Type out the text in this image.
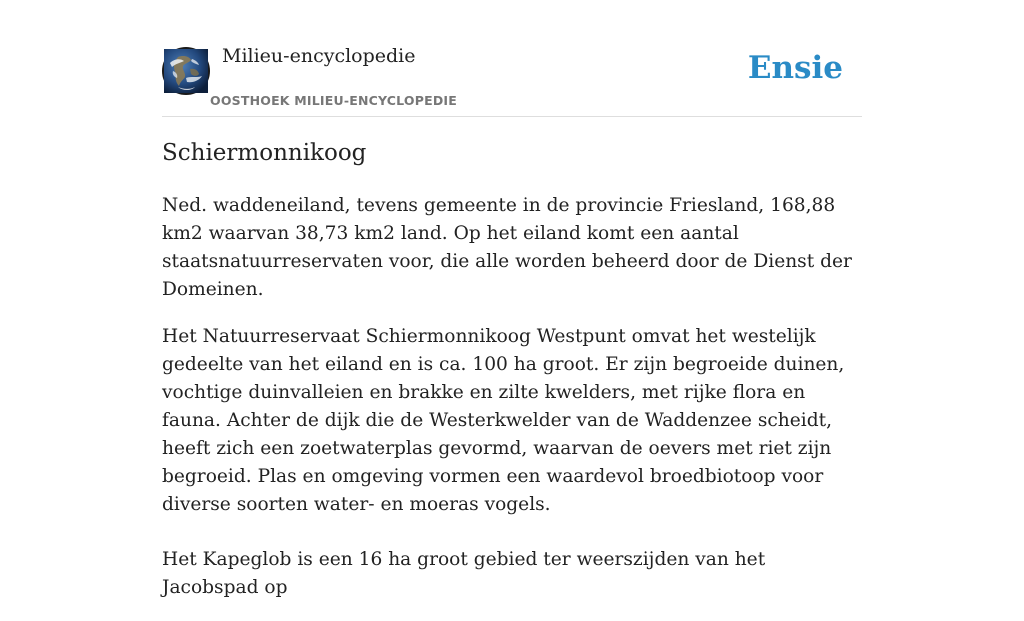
Milieu-encyclopedie
OOSTHOEK MILIEU-ENCYCLOPEDIE
Ensie
Schiermonnikoog

Ned. waddeneiland, tevens gemeente in de provincie Friesland, 168,88 km2 waarvan 38,73 km2 land. Op het eiland komt een aantal staatsnatuurreservaten voor, die alle worden beheerd door de Dienst der Domeinen.

Het Natuurreservaat Schiermonnikoog Westpunt omvat het westelijk gedeelte van het eiland en is ca. 100 ha groot. Er zijn begroeide duinen, vochtige duinvalleien en brakke en zilte kwelders, met rijke flora en fauna. Achter de dijk die de Westerkwelder van de Waddenzee scheidt, heeft zich een zoetwaterplas gevormd, waarvan de oevers met riet zijn begroeid. Plas en omgeving vormen een waardevol broedbiotoop voor diverse soorten water- en moeras vogels.

Het Kapeglob is een 16 ha groot gebied ter weerszijden van het Jacobspad op
